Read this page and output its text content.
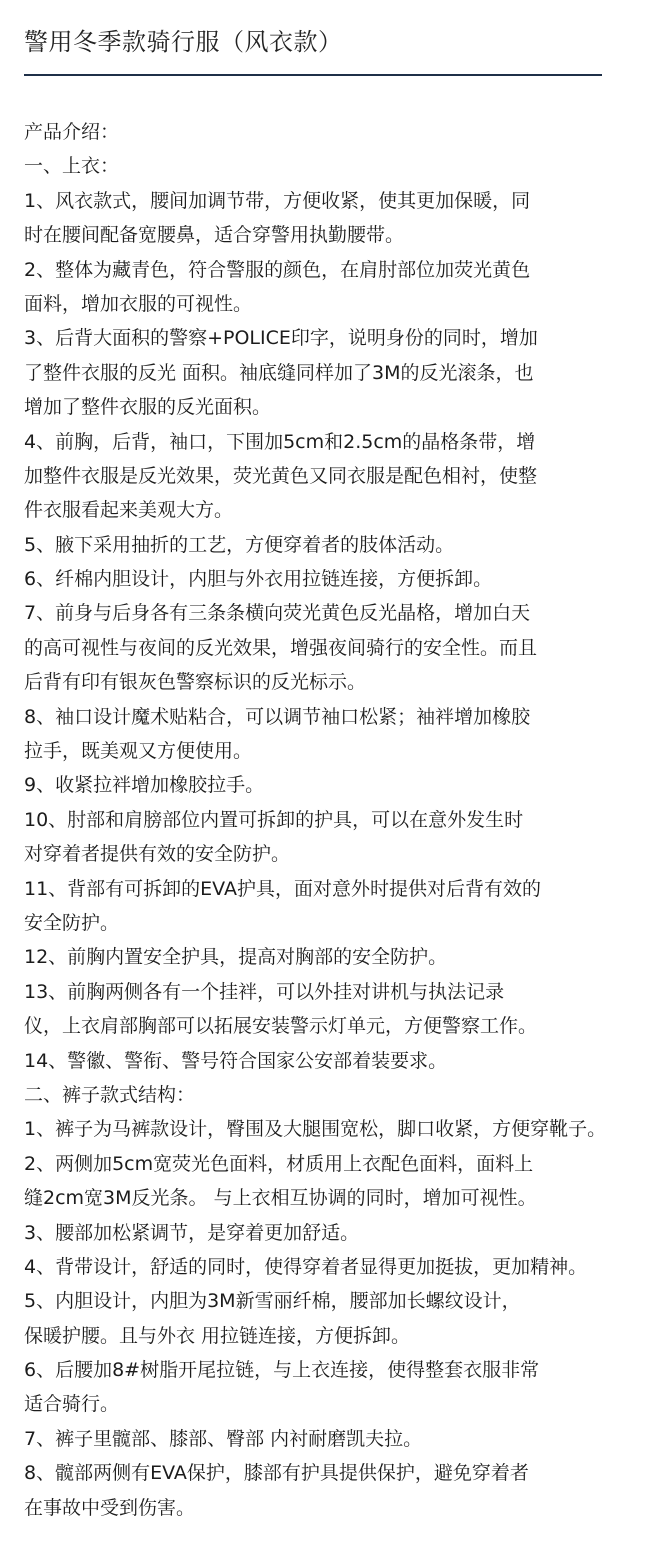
警用冬季款骑行服（风衣款）
产品介绍：
一、上衣：
1、风衣款式，腰间加调节带，方便收紧，使其更加保暖，同
时在腰间配备宽腰鼻，适合穿警用执勤腰带。
2、整体为藏青色，符合警服的颜色，在肩肘部位加荧光黄色
面料，增加衣服的可视性。
3、后背大面积的警察+POLICE印字，说明身份的同时，增加
了整件衣服的反光 面积。袖底缝同样加了3M的反光滚条，也
增加了整件衣服的反光面积。
4、前胸，后背，袖口，下围加5cm和2.5cm的晶格条带，增
加整件衣服是反光效果，荧光黄色又同衣服是配色相衬，使整
件衣服看起来美观大方。
5、腋下采用抽折的工艺，方便穿着者的肢体活动。
6、纤棉内胆设计，内胆与外衣用拉链连接，方便拆卸。
7、前身与后身各有三条条横向荧光黄色反光晶格，增加白天
的高可视性与夜间的反光效果，增强夜间骑行的安全性。而且
后背有印有银灰色警察标识的反光标示。
8、袖口设计魔术贴粘合，可以调节袖口松紧；袖袢增加橡胶
拉手，既美观又方便使用。
9、收紧拉袢增加橡胶拉手。
10、肘部和肩膀部位内置可拆卸的护具，可以在意外发生时
对穿着者提供有效的安全防护。
11、背部有可拆卸的EVA护具，面对意外时提供对后背有效的
安全防护。
12、前胸内置安全护具，提高对胸部的安全防护。
13、前胸两侧各有一个挂袢，可以外挂对讲机与执法记录
仪，上衣肩部胸部可以拓展安装警示灯单元，方便警察工作。
14、警徽、警衔、警号符合国家公安部着装要求。
二、裤子款式结构：
1、裤子为马裤款设计，臀围及大腿围宽松，脚口收紧，方便穿靴子。
2、两侧加5cm宽荧光色面料，材质用上衣配色面料，面料上
缝2cm宽3M反光条。 与上衣相互协调的同时，增加可视性。
3、腰部加松紧调节，是穿着更加舒适。
4、背带设计，舒适的同时，使得穿着者显得更加挺拔，更加精神。
5、内胆设计，内胆为3M新雪丽纤棉，腰部加长螺纹设计，
保暖护腰。且与外衣 用拉链连接，方便拆卸。
6、后腰加8#树脂开尾拉链，与上衣连接，使得整套衣服非常
适合骑行。
7、裤子里髋部、膝部、臀部 内衬耐磨凯夫拉。
8、髋部两侧有EVA保护，膝部有护具提供保护，避免穿着者
在事故中受到伤害。
